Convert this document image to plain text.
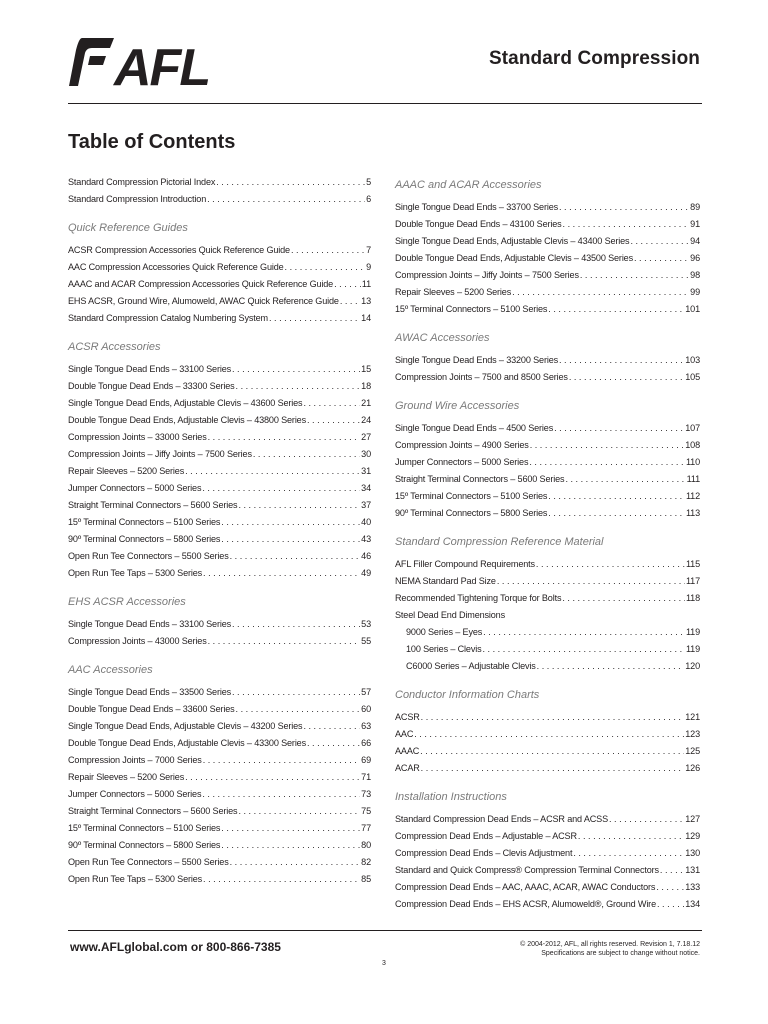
AFL	Standard Compression
Table of Contents
Standard Compression Pictorial Index . . .	5
Standard Compression Introduction . . .	6
Quick Reference Guides
ACSR Compression Accessories Quick Reference Guide . . .	7
AAC Compression Accessories Quick Reference Guide . . .	9
AAAC and ACAR Compression Accessories Quick Reference Guide . . .	11
EHS ACSR, Ground Wire, Alumoweld, AWAC Quick Reference Guide . . . 13
Standard Compression Catalog Numbering System . . .	14
ACSR Accessories
Single Tongue Dead Ends – 33100 Series . . .	15
Double Tongue Dead Ends – 33300 Series . . .	18
Single Tongue Dead Ends, Adjustable Clevis – 43600 Series . . .	21
Double Tongue Dead Ends, Adjustable Clevis – 43800 Series . . .	24
Compression Joints – 33000 Series . . .	27
Compression Joints – Jiffy Joints – 7500 Series . . .	30
Repair Sleeves – 5200 Series . . .	31
Jumper Connectors – 5000 Series . . .	34
Straight Terminal Connectors – 5600 Series . . .	37
15º Terminal Connectors – 5100 Series . . .	40
90º Terminal Connectors – 5800 Series . . .	43
Open Run Tee Connectors – 5500 Series . . .	46
Open Run Tee Taps – 5300 Series . . .	49
EHS ACSR Accessories
Single Tongue Dead Ends – 33100 Series . . .	53
Compression Joints – 43000 Series . . .	55
AAC Accessories
Single Tongue Dead Ends – 33500 Series . . .	57
Double Tongue Dead Ends – 33600 Series . . .	60
Single Tongue Dead Ends, Adjustable Clevis – 43200 Series . . .	63
Double Tongue Dead Ends, Adjustable Clevis – 43300 Series . . .	66
Compression Joints – 7000 Series . . .	69
Repair Sleeves – 5200 Series . . .	71
Jumper Connectors – 5000 Series . . .	73
Straight Terminal Connectors – 5600 Series . . .	75
15º Terminal Connectors – 5100 Series . . .	77
90º Terminal Connectors – 5800 Series . . .	80
Open Run Tee Connectors – 5500 Series . . .	82
Open Run Tee Taps – 5300 Series . . .	85
AAAC and ACAR Accessories
Single Tongue Dead Ends – 33700 Series . . .	89
Double Tongue Dead Ends – 43100 Series . . .	91
Single Tongue Dead Ends, Adjustable Clevis – 43400 Series . . .	94
Double Tongue Dead Ends, Adjustable Clevis – 43500 Series . . .	96
Compression Joints – Jiffy Joints – 7500 Series . . .	98
Repair Sleeves – 5200 Series . . .	99
15º Terminal Connectors – 5100 Series . . .	101
AWAC Accessories
Single Tongue Dead Ends – 33200 Series . . .	103
Compression Joints – 7500 and 8500 Series . . .	105
Ground Wire Accessories
Single Tongue Dead Ends – 4500 Series . . .	107
Compression Joints – 4900 Series . . .	108
Jumper Connectors – 5000 Series . . .	110
Straight Terminal Connectors – 5600 Series . . .	111
15º Terminal Connectors – 5100 Series . . .	112
90º Terminal Connectors – 5800 Series . . .	113
Standard Compression Reference Material
AFL Filler Compound Requirements . . .	115
NEMA Standard Pad Size . . .	117
Recommended Tightening Torque for Bolts . . .	118
Steel Dead End Dimensions
9000 Series – Eyes . . .	119
100 Series – Clevis . . .	119
C6000 Series – Adjustable Clevis . . .	120
Conductor Information Charts
ACSR . . .	121
AAC . . .	123
AAAC . . .	125
ACAR . . .	126
Installation Instructions
Standard Compression Dead Ends – ACSR and ACSS . . .	127
Compression Dead Ends – Adjustable – ACSR . . .	129
Compression Dead Ends – Clevis Adjustment . . .	130
Standard and Quick Compress® Compression Terminal Connectors . . .	131
Compression Dead Ends – AAC, AAAC, ACAR, AWAC Conductors . . .	133
Compression Dead Ends – EHS ACSR, Alumoweld®, Ground Wire . . .	134
www.AFLglobal.com or 800-866-7385	© 2004-2012, AFL, all rights reserved. Revision 1, 7.18.12
Specifications are subject to change without notice.
3
